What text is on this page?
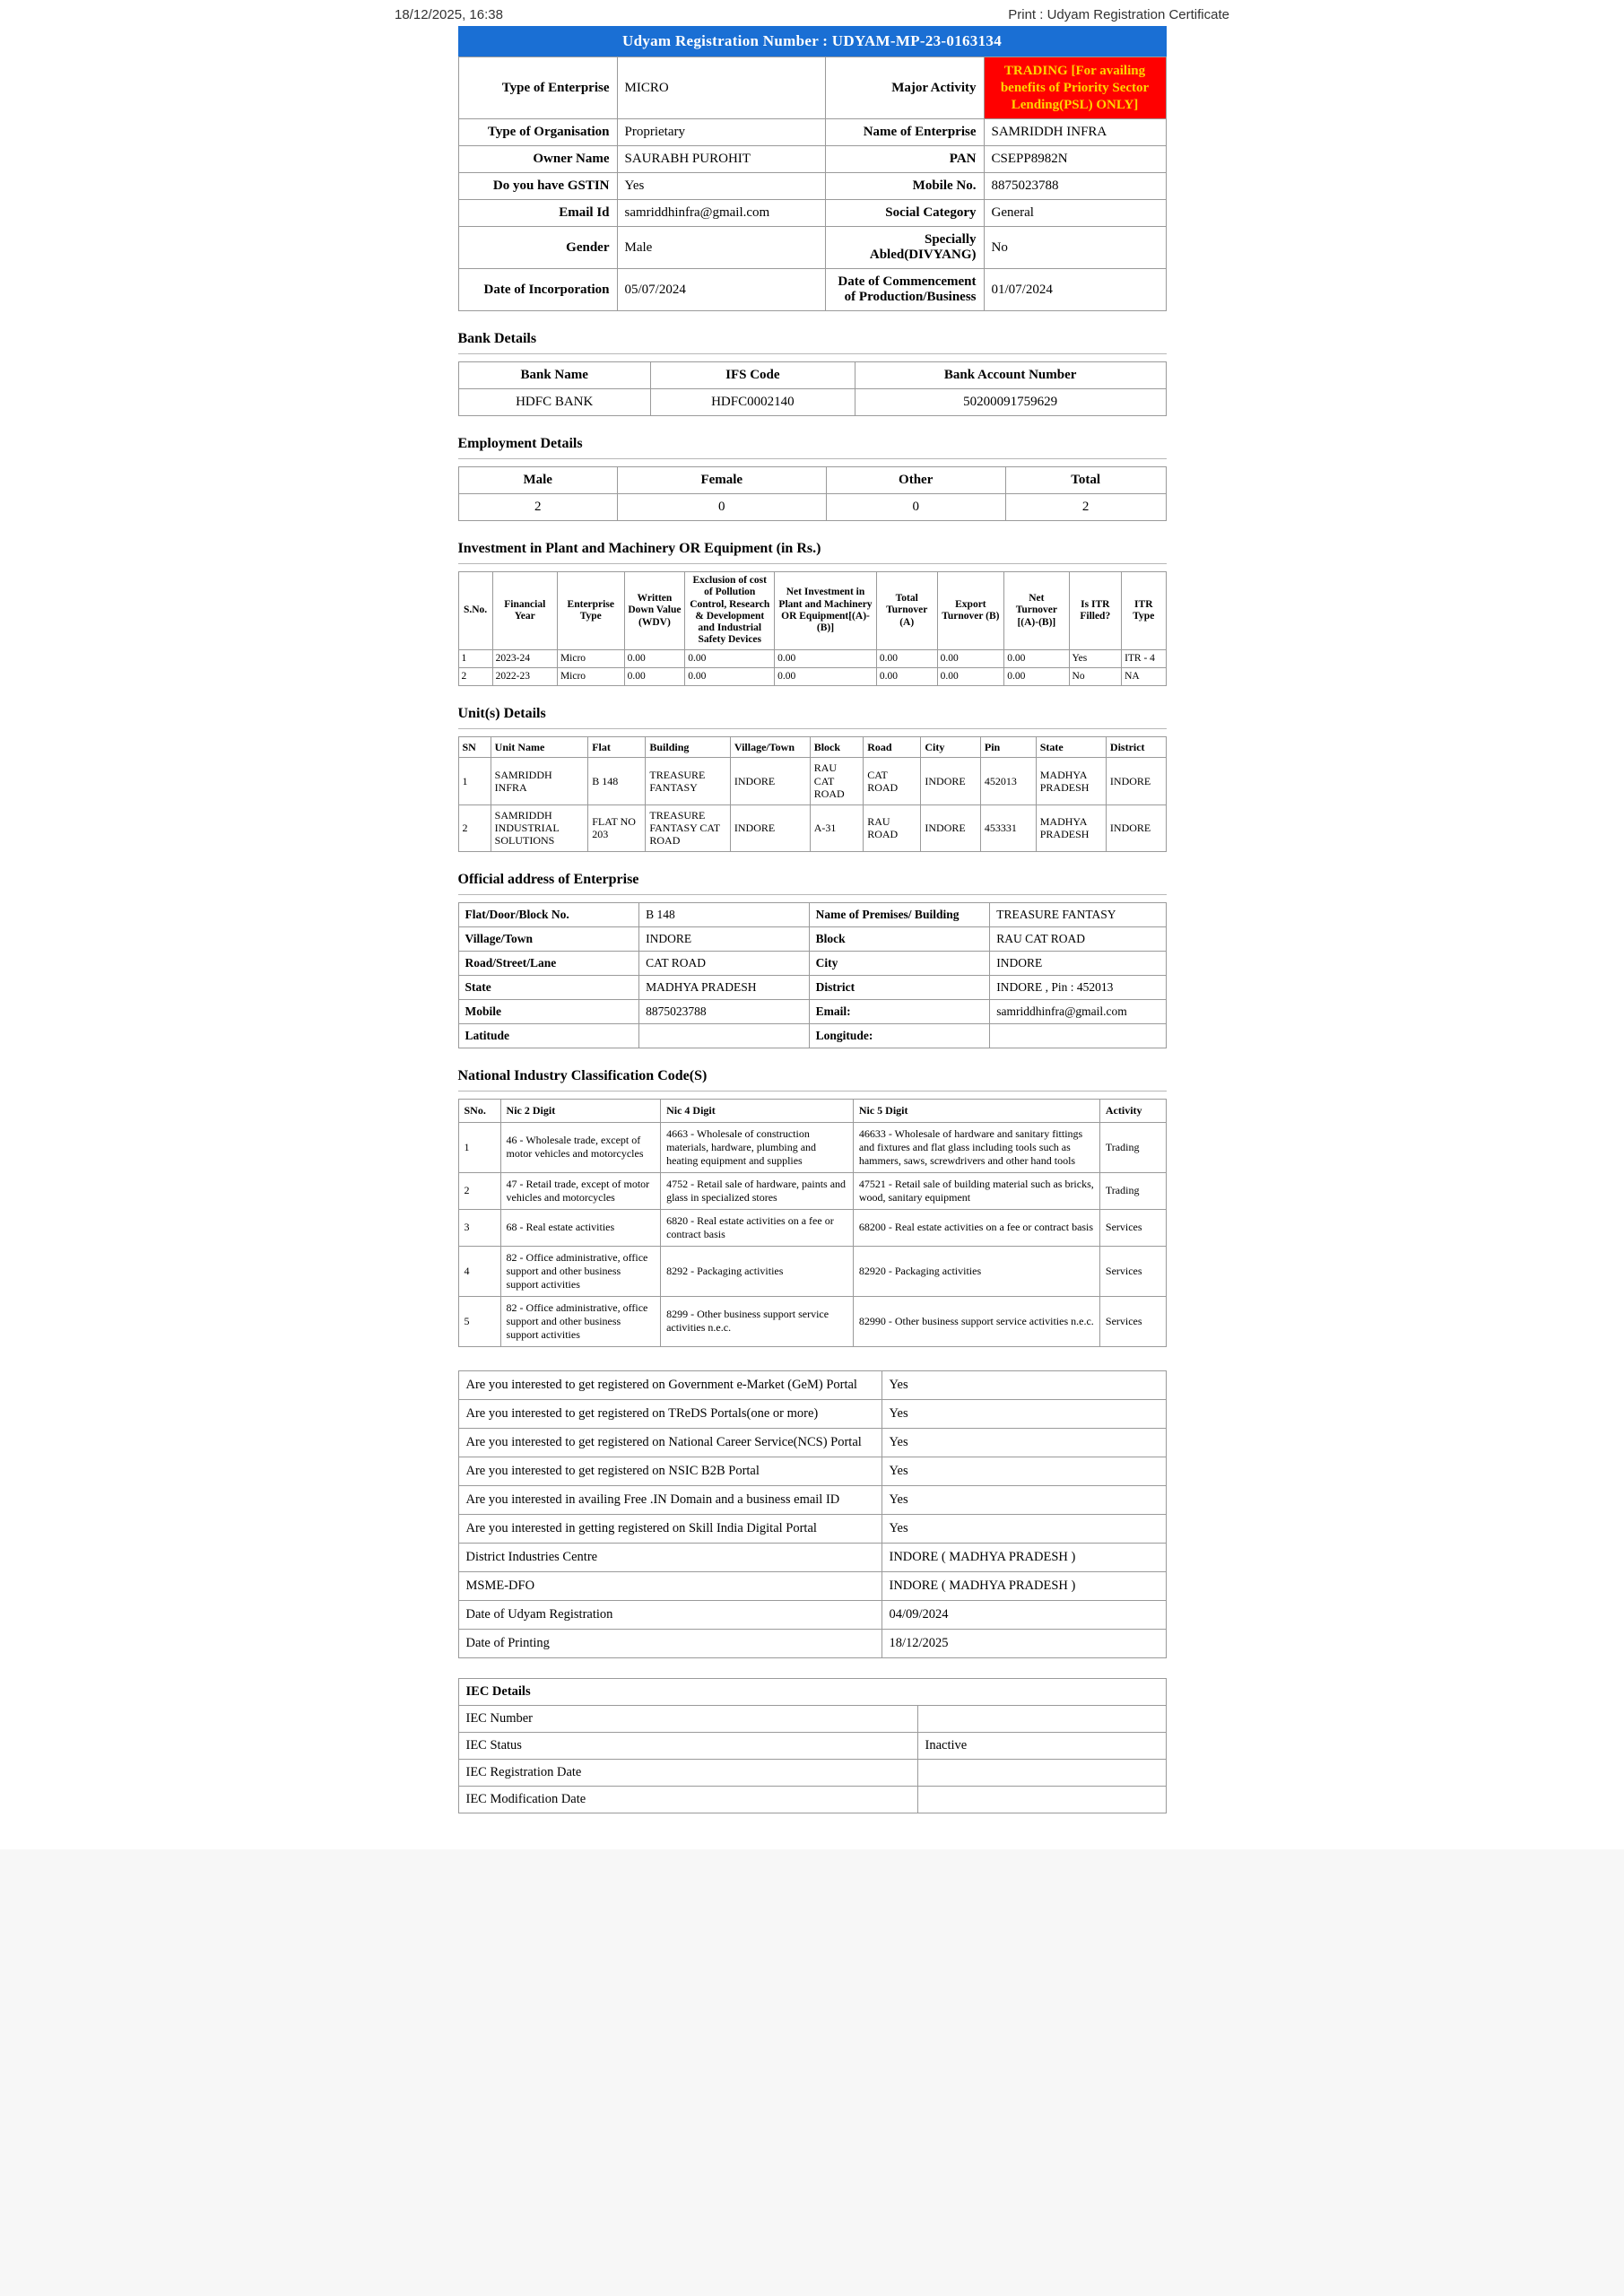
18/12/2025, 16:38	Print : Udyam Registration Certificate
Udyam Registration Number : UDYAM-MP-23-0163134
Type of Enterprise	MICRO	Major Activity	TRADING [For availing benefits of Priority Sector Lending(PSL) ONLY]
Type of Organisation	Proprietary	Name of Enterprise	SAMRIDDH INFRA
Owner Name	SAURABH PUROHIT	PAN	CSEPP8982N
Do you have GSTIN	Yes	Mobile No.	8875023788
Email Id	samriddhinfra@gmail.com	Social Category	General
Gender	Male	Specially Abled(DIVYANG)	No
Date of Incorporation	05/07/2024	Date of Commencement of Production/Business	01/07/2024
Bank Details
Bank Name	IFS Code	Bank Account Number
HDFC BANK	HDFC0002140	50200091759629
Employment Details
Male	Female	Other	Total
2	0	0	2
Investment in Plant and Machinery OR Equipment (in Rs.)
S.No.	Financial Year	Enterprise Type	Written Down Value (WDV)	Exclusion of cost of Pollution Control, Research & Development and Industrial Safety Devices	Net Investment in Plant and Machinery OR Equipment[(A)-(B)]	Total Turnover (A)	Export Turnover (B)	Net Turnover [(A)-(B)]	Is ITR Filled?	ITR Type
1	2023-24	Micro	0.00	0.00	0.00	0.00	0.00	0.00	Yes	ITR - 4
2	2022-23	Micro	0.00	0.00	0.00	0.00	0.00	0.00	No	NA
Unit(s) Details
SN	Unit Name	Flat	Building	Village/Town	Block	Road	City	Pin	State	District
1	SAMRIDDH INFRA	B 148	TREASURE FANTASY	INDORE	RAU CAT ROAD	CAT ROAD	INDORE	452013	MADHYA PRADESH	INDORE
2	SAMRIDDH INDUSTRIAL SOLUTIONS	FLAT NO 203	TREASURE FANTASY CAT ROAD	INDORE	A-31	RAU ROAD	INDORE	453331	MADHYA PRADESH	INDORE
Official address of Enterprise
Flat/Door/Block No.	B 148	Name of Premises/ Building	TREASURE FANTASY
Village/Town	INDORE	Block	RAU CAT ROAD
Road/Street/Lane	CAT ROAD	City	INDORE
State	MADHYA PRADESH	District	INDORE , Pin : 452013
Mobile	8875023788	Email:	samriddhinfra@gmail.com
Latitude		Longitude:	
National Industry Classification Code(S)
SNo.	Nic 2 Digit	Nic 4 Digit	Nic 5 Digit	Activity
1	46 - Wholesale trade, except of motor vehicles and motorcycles	4663 - Wholesale of construction materials, hardware, plumbing and heating equipment and supplies	46633 - Wholesale of hardware and sanitary fittings and fixtures and flat glass including tools such as hammers, saws, screwdrivers and other hand tools	Trading
2	47 - Retail trade, except of motor vehicles and motorcycles	4752 - Retail sale of hardware, paints and glass in specialized stores	47521 - Retail sale of building material such as bricks, wood, sanitary equipment	Trading
3	68 - Real estate activities	6820 - Real estate activities on a fee or contract basis	68200 - Real estate activities on a fee or contract basis	Services
4	82 - Office administrative, office support and other business support activities	8292 - Packaging activities	82920 - Packaging activities	Services
5	82 - Office administrative, office support and other business support activities	8299 - Other business support service activities n.e.c.	82990 - Other business support service activities n.e.c.	Services
Are you interested to get registered on Government e-Market (GeM) Portal	Yes
Are you interested to get registered on TReDS Portals(one or more)	Yes
Are you interested to get registered on National Career Service(NCS) Portal	Yes
Are you interested to get registered on NSIC B2B Portal	Yes
Are you interested in availing Free .IN Domain and a business email ID	Yes
Are you interested in getting registered on Skill India Digital Portal	Yes
District Industries Centre	INDORE ( MADHYA PRADESH )
MSME-DFO	INDORE ( MADHYA PRADESH )
Date of Udyam Registration	04/09/2024
Date of Printing	18/12/2025
IEC Details	
IEC Number	
IEC Status	Inactive
IEC Registration Date	
IEC Modification Date	
